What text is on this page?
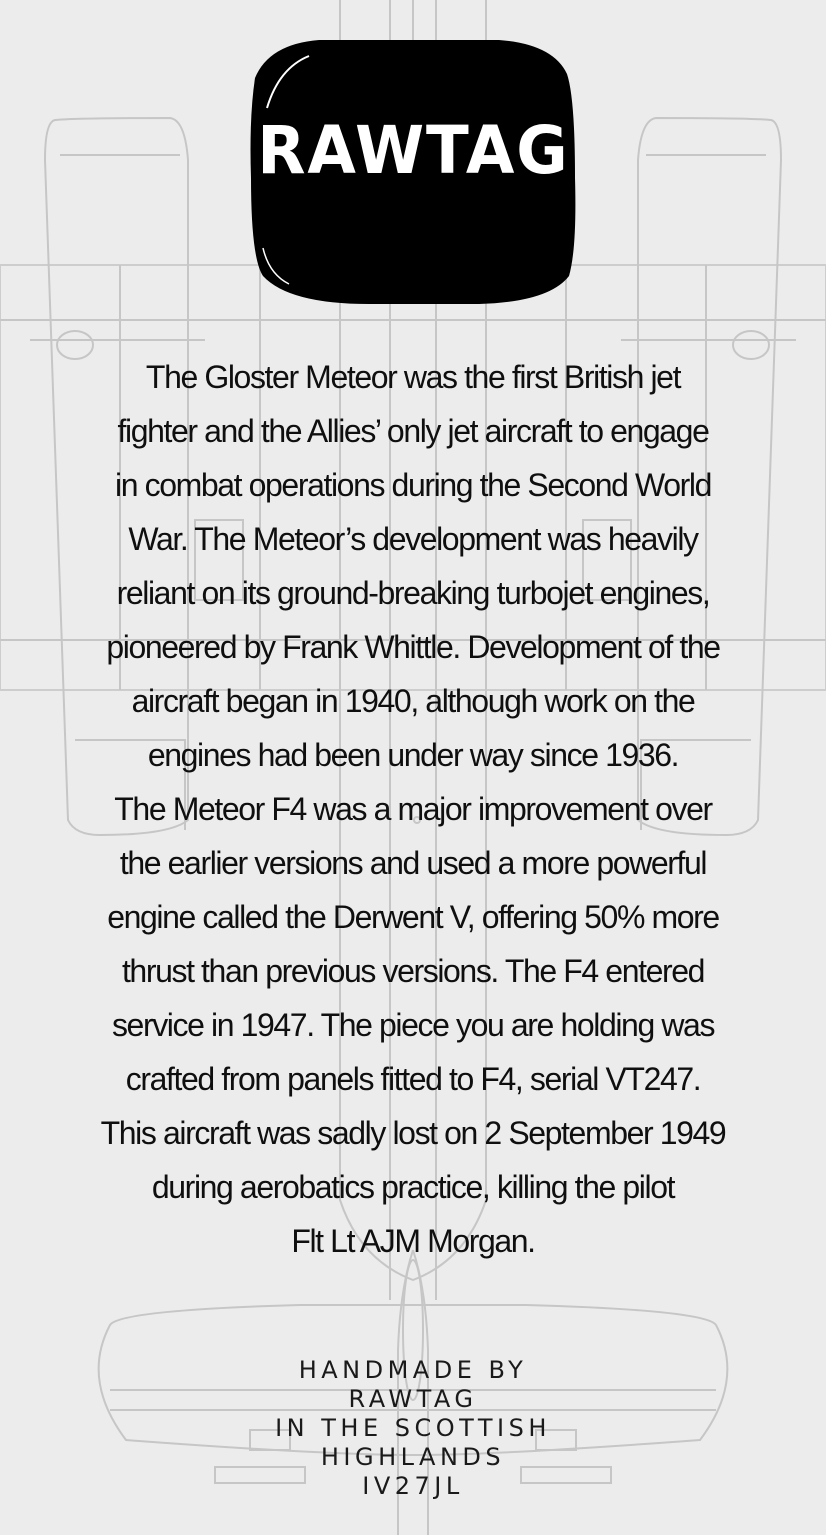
RAWTAG
The Gloster Meteor was the first British jet
fighter and the Allies’ only jet aircraft to engage
in combat operations during the Second World
War. The Meteor’s development was heavily
reliant on its ground-breaking turbojet engines,
pioneered by Frank Whittle. Development of the
aircraft began in 1940, although work on the
engines had been under way since 1936.
The Meteor F4 was a major improvement over
the earlier versions and used a more powerful
engine called the Derwent V, offering 50% more
thrust than previous versions. The F4 entered
service in 1947. The piece you are holding was
crafted from panels fitted to F4, serial VT247.
This aircraft was sadly lost on 2 September 1949
during aerobatics practice, killing the pilot
Flt Lt AJM Morgan.
HANDMADE BY
RAWTAG
IN THE SCOTTISH
HIGHLANDS
IV27JL
